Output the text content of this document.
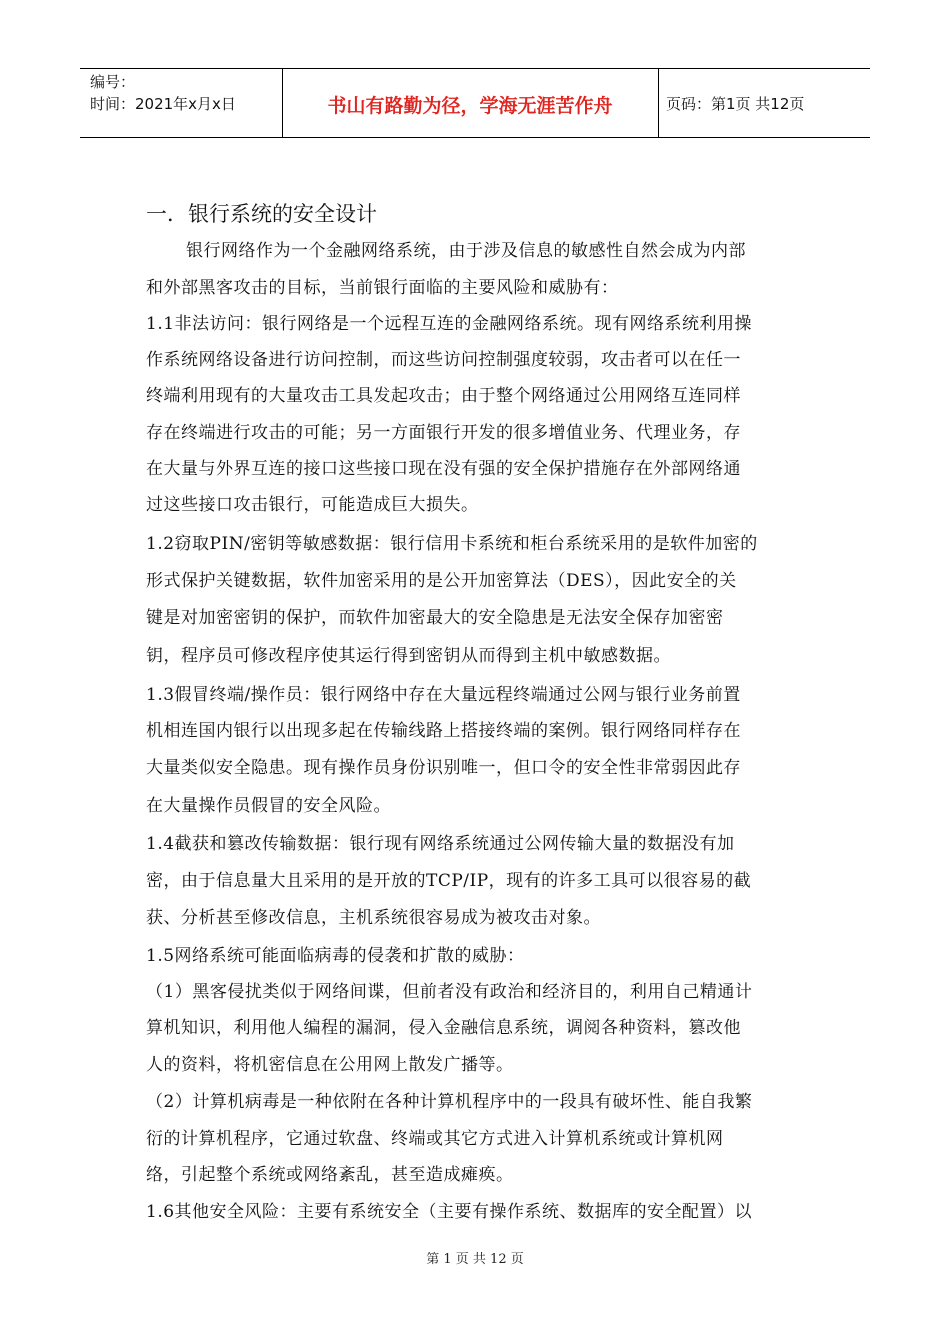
编号：
时间：2021年x月x日	书山有路勤为径，学海无涯苦作舟	页码：第1页 共12页
一．银行系统的安全设计
银行网络作为一个金融网络系统，由于涉及信息的敏感性自然会成为内部
和外部黑客攻击的目标，当前银行面临的主要风险和威胁有：
1.1非法访问：银行网络是一个远程互连的金融网络系统。现有网络系统利用操
作系统网络设备进行访问控制，而这些访问控制强度较弱，攻击者可以在任一
终端利用现有的大量攻击工具发起攻击；由于整个网络通过公用网络互连同样
存在终端进行攻击的可能；另一方面银行开发的很多增值业务、代理业务，存
在大量与外界互连的接口这些接口现在没有强的安全保护措施存在外部网络通
过这些接口攻击银行，可能造成巨大损失。
1.2窃取PIN/密钥等敏感数据：银行信用卡系统和柜台系统采用的是软件加密的
形式保护关键数据，软件加密采用的是公开加密算法（DES），因此安全的关
键是对加密密钥的保护，而软件加密最大的安全隐患是无法安全保存加密密
钥，程序员可修改程序使其运行得到密钥从而得到主机中敏感数据。
1.3假冒终端/操作员：银行网络中存在大量远程终端通过公网与银行业务前置
机相连国内银行以出现多起在传输线路上搭接终端的案例。银行网络同样存在
大量类似安全隐患。现有操作员身份识别唯一，但口令的安全性非常弱因此存
在大量操作员假冒的安全风险。
1.4截获和篡改传输数据：银行现有网络系统通过公网传输大量的数据没有加
密，由于信息量大且采用的是开放的TCP/IP，现有的许多工具可以很容易的截
获、分析甚至修改信息，主机系统很容易成为被攻击对象。
1.5网络系统可能面临病毒的侵袭和扩散的威胁：
（1）黑客侵扰类似于网络间谍，但前者没有政治和经济目的，利用自己精通计
算机知识，利用他人编程的漏洞，侵入金融信息系统，调阅各种资料，篡改他
人的资料，将机密信息在公用网上散发广播等。
（2）计算机病毒是一种依附在各种计算机程序中的一段具有破坏性、能自我繁
衍的计算机程序，它通过软盘、终端或其它方式进入计算机系统或计算机网
络，引起整个系统或网络紊乱，甚至造成瘫痪。
1.6其他安全风险：主要有系统安全（主要有操作系统、数据库的安全配置）以
第 1 页 共 12 页
